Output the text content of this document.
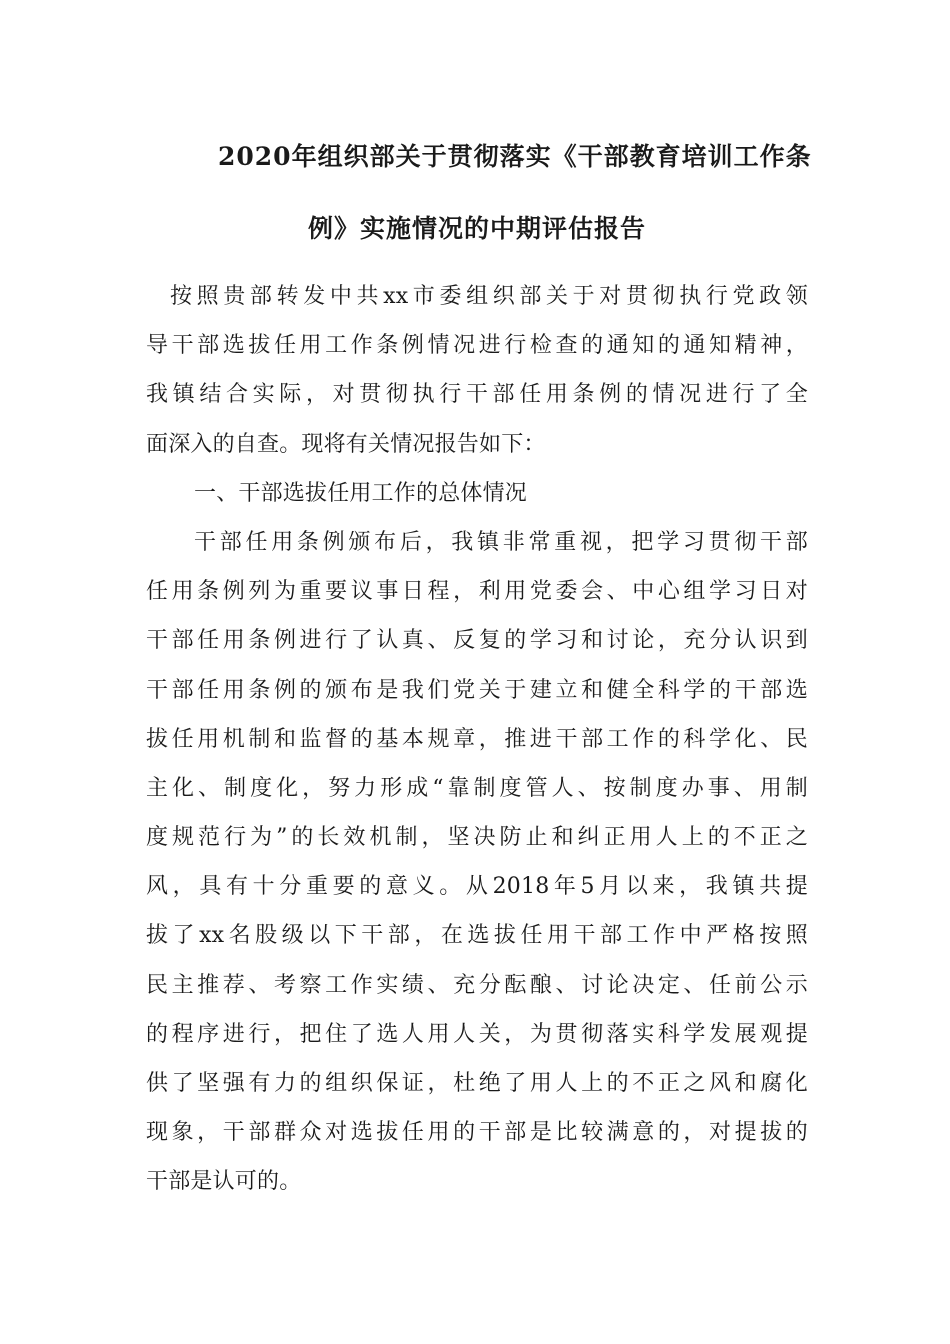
2020年组织部关于贯彻落实《干部教育培训工作条
例》实施情况的中期评估报告
按照贵部转发中共xx市委组织部关于对贯彻执行党政领
导干部选拔任用工作条例情况进行检查的通知的通知精神，
我镇结合实际，对贯彻执行干部任用条例的情况进行了全
面深入的自查。现将有关情况报告如下：
一、干部选拔任用工作的总体情况
干部任用条例颁布后，我镇非常重视，把学习贯彻干部
任用条例列为重要议事日程，利用党委会、中心组学习日对
干部任用条例进行了认真、反复的学习和讨论，充分认识到
干部任用条例的颁布是我们党关于建立和健全科学的干部选
拔任用机制和监督的基本规章，推进干部工作的科学化、民
主化、制度化，努力形成“靠制度管人、按制度办事、用制
度规范行为”的长效机制，坚决防止和纠正用人上的不正之
风，具有十分重要的意义。从2018年5月以来，我镇共提
拔了xx名股级以下干部，在选拔任用干部工作中严格按照
民主推荐、考察工作实绩、充分酝酿、讨论决定、任前公示
的程序进行，把住了选人用人关，为贯彻落实科学发展观提
供了坚强有力的组织保证，杜绝了用人上的不正之风和腐化
现象，干部群众对选拔任用的干部是比较满意的，对提拔的
干部是认可的。
